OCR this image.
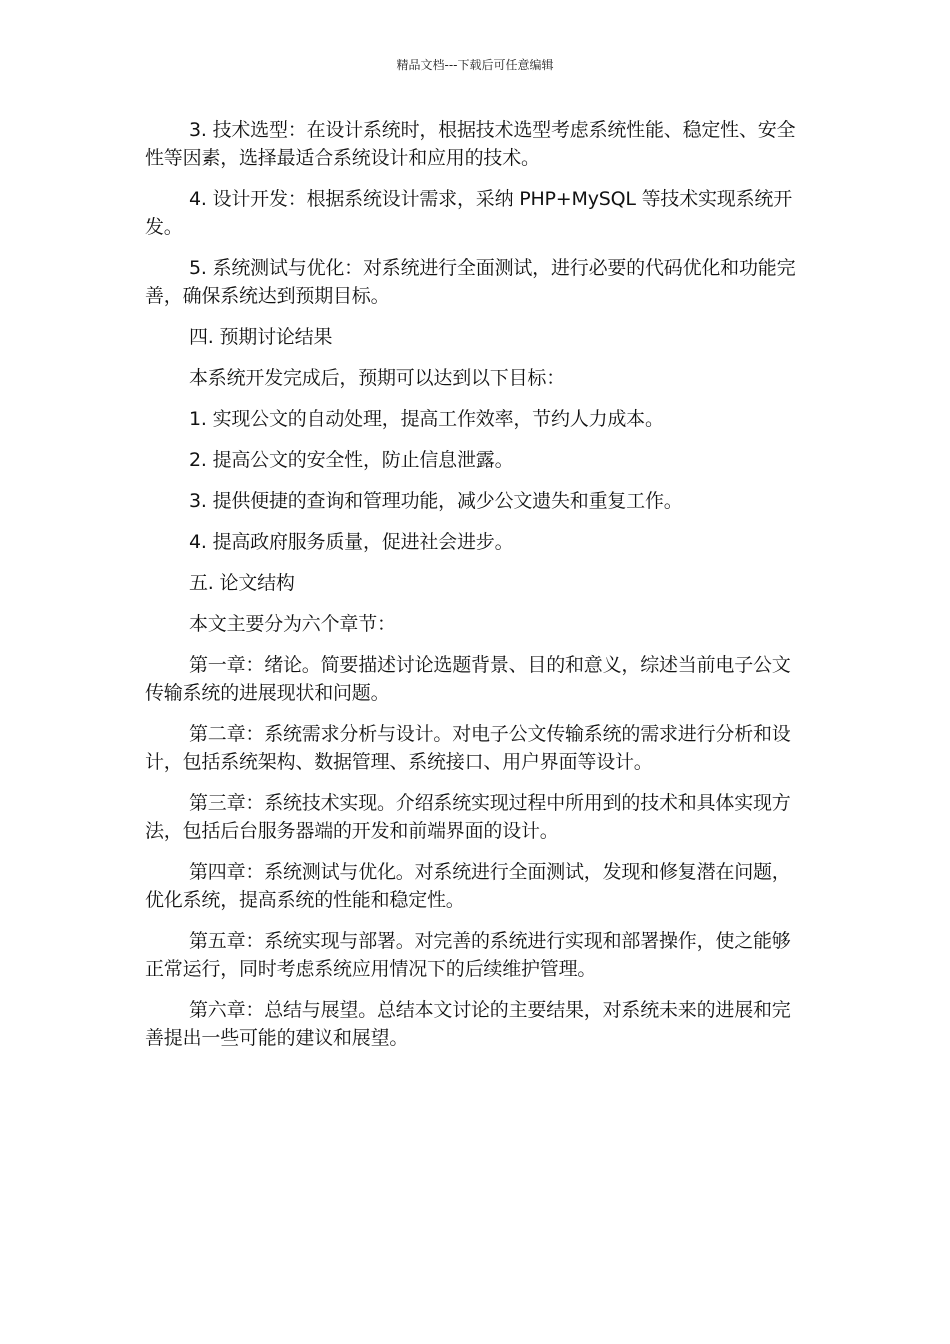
精品文档---下载后可任意编辑

3. 技术选型：在设计系统时，根据技术选型考虑系统性能、稳定性、安全性等因素，选择最适合系统设计和应用的技术。

4. 设计开发：根据系统设计需求，采纳 PHP+MySQL 等技术实现系统开发。

5. 系统测试与优化：对系统进行全面测试，进行必要的代码优化和功能完善，确保系统达到预期目标。

四. 预期讨论结果

本系统开发完成后，预期可以达到以下目标：

1. 实现公文的自动处理，提高工作效率，节约人力成本。

2. 提高公文的安全性，防止信息泄露。

3. 提供便捷的查询和管理功能，减少公文遗失和重复工作。

4. 提高政府服务质量，促进社会进步。

五. 论文结构

本文主要分为六个章节：

第一章：绪论。简要描述讨论选题背景、目的和意义，综述当前电子公文传输系统的进展现状和问题。

第二章：系统需求分析与设计。对电子公文传输系统的需求进行分析和设计，包括系统架构、数据管理、系统接口、用户界面等设计。

第三章：系统技术实现。介绍系统实现过程中所用到的技术和具体实现方法，包括后台服务器端的开发和前端界面的设计。

第四章：系统测试与优化。对系统进行全面测试，发现和修复潜在问题，优化系统，提高系统的性能和稳定性。

第五章：系统实现与部署。对完善的系统进行实现和部署操作，使之能够正常运行，同时考虑系统应用情况下的后续维护管理。

第六章：总结与展望。总结本文讨论的主要结果，对系统未来的进展和完善提出一些可能的建议和展望。
